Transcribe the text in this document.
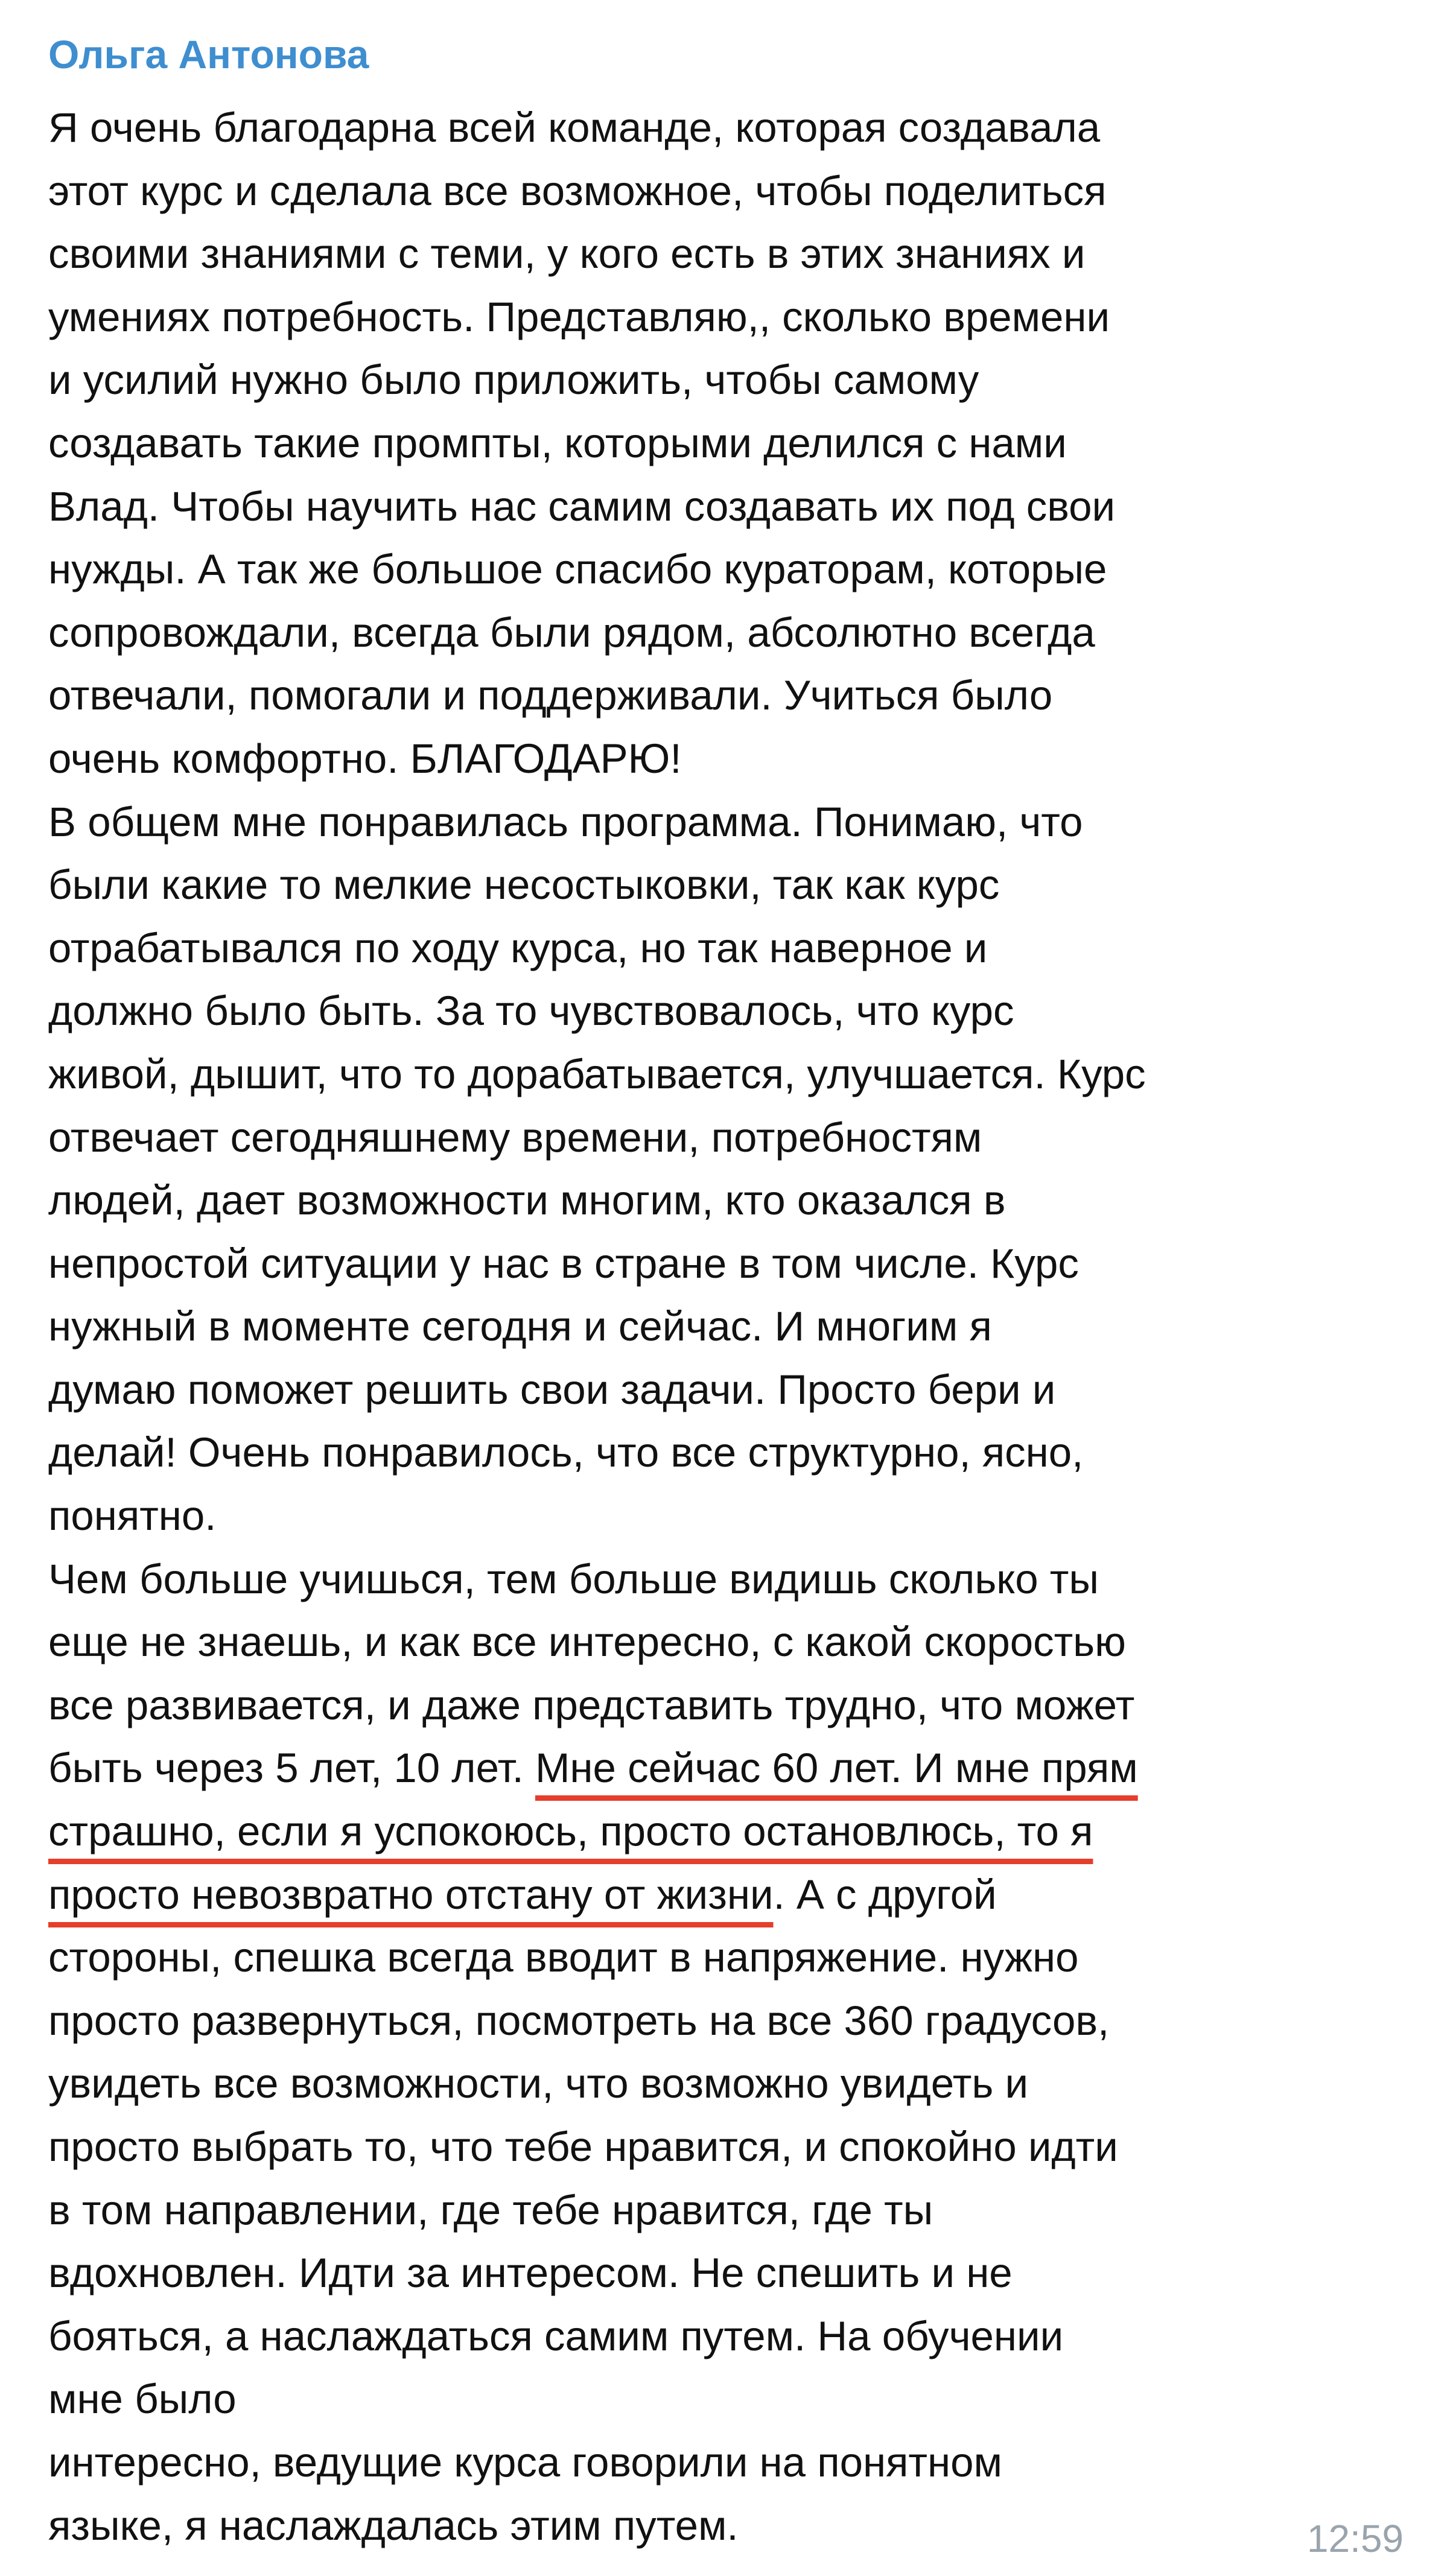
Ольга Антонова
Я очень благодарна всей команде, которая создавала
этот курс и сделала все возможное, чтобы поделиться
своими знаниями с теми, у кого есть в этих знаниях и
умениях потребность. Представляю,, сколько времени
и усилий нужно было приложить, чтобы самому
создавать такие промпты, которыми делился с нами
Влад. Чтобы научить нас самим создавать их под свои
нужды. А так же большое спасибо кураторам, которые
сопровождали, всегда были рядом, абсолютно всегда
отвечали, помогали и поддерживали. Учиться было
очень комфортно. БЛАГОДАРЮ!
В общем мне понравилась программа. Понимаю, что
были какие то мелкие несостыковки, так как курс
отрабатывался по ходу курса, но так наверное и
должно было быть. За то чувствовалось, что курс
живой, дышит, что то дорабатывается, улучшается. Курс
отвечает сегодняшнему времени, потребностям
людей, дает возможности многим, кто оказался в
непростой ситуации у нас в стране в том числе. Курс
нужный в моменте сегодня и сейчас. И многим я
думаю поможет решить свои задачи. Просто бери и
делай! Очень понравилось, что все структурно, ясно,
понятно.
Чем больше учишься, тем больше видишь сколько ты
еще не знаешь, и как все интересно, с какой скоростью
все развивается, и даже представить трудно, что может
быть через 5 лет, 10 лет. Мне сейчас 60 лет. И мне прям
страшно, если я успокоюсь, просто остановлюсь, то я
просто невозвратно отстану от жизни. А с другой
стороны, спешка всегда вводит в напряжение. нужно
просто развернуться, посмотреть на все 360 градусов,
увидеть все возможности, что возможно увидеть и
просто выбрать то, что тебе нравится, и спокойно идти
в том направлении, где тебе нравится, где ты
вдохновлен. Идти за интересом. Не спешить и не
бояться, а наслаждаться самим путем. На обучении
мне было
интересно, ведущие курса говорили на понятном
языке, я наслаждалась этим путем.	12:59
